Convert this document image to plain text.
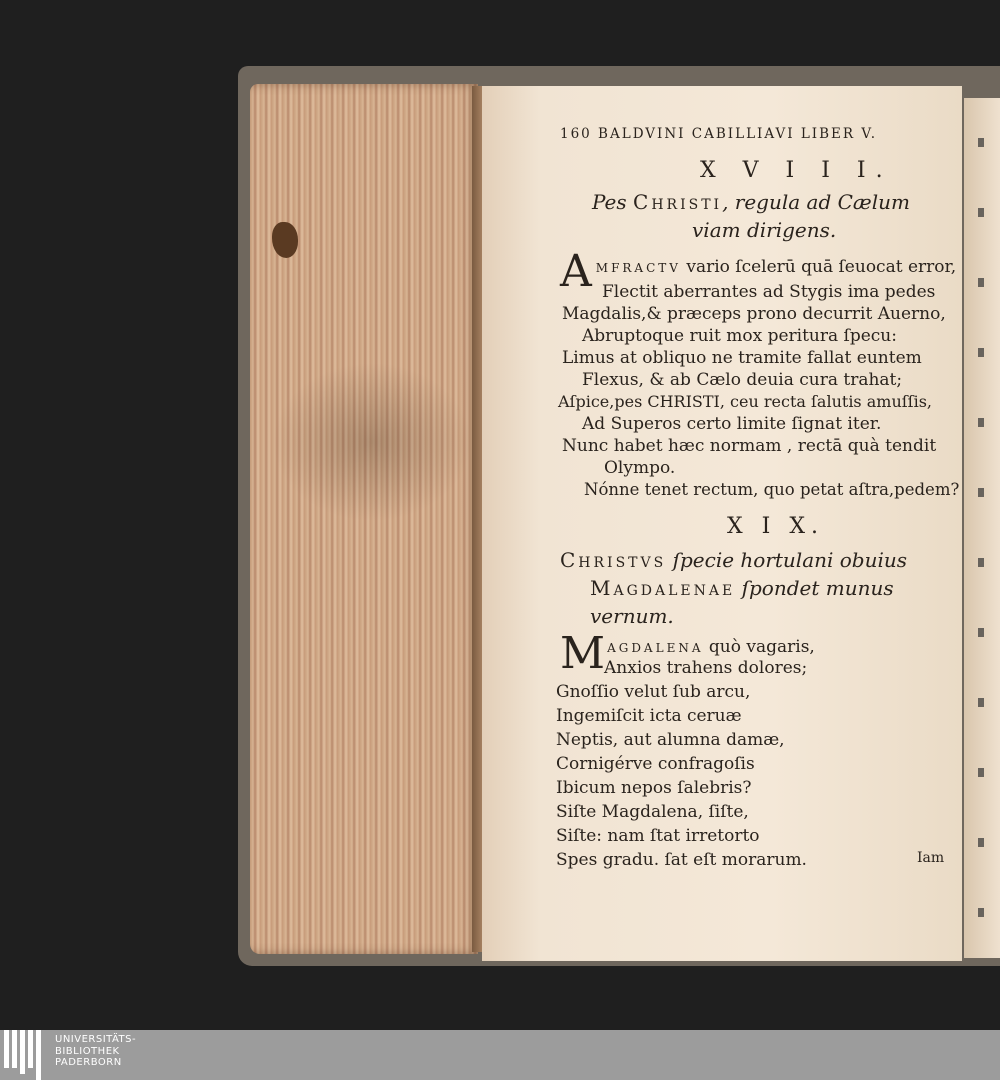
160 BALDVINI CABILLIAVI LIBER V.
X V I I I.
Pes Christi, regula ad Cælum
viam dirigens.
A $^{MFRACTV}$ vario ſcelerū quā ſeuocat error,
Flectit aberrantes ad Stygis ima pedes
Magdalis,& præceps prono decurrit Auerno,
Abruptoque ruit mox peritura ſpecu:
Limus at obliquo ne tramite fallat euntem
Flexus, & ab Cælo deuia cura trahat;
Aſpice,pes CHRISTI, ceu recta ſalutis amuſſis,
Ad Superos certo limite ſignat iter.
Nunc habet hæc normam , rectā quà tendit
Olympo.
Nónne tenet rectum, quo petat aſtra,pedem?
X I X.
Christvs ſpecie hortulani obuius
Magdalenae ſpondet munus
vernum.
M $^{AGDALENA}$ quò vagaris,
Anxios trahens dolores;
Gnoſſio velut ſub arcu,
Ingemiſcit icta ceruæ
Neptis, aut alumna damæ,
Cornigérve confragoſis
Ibicum nepos ſalebris?
Siſte Magdalena, ſiſte,
Siſte: nam ſtat irretorto
Spes gradu. ſat eſt morarum.	Iam
UNIVERSITÄTS-
BIBLIOTHEK
PADERBORN
